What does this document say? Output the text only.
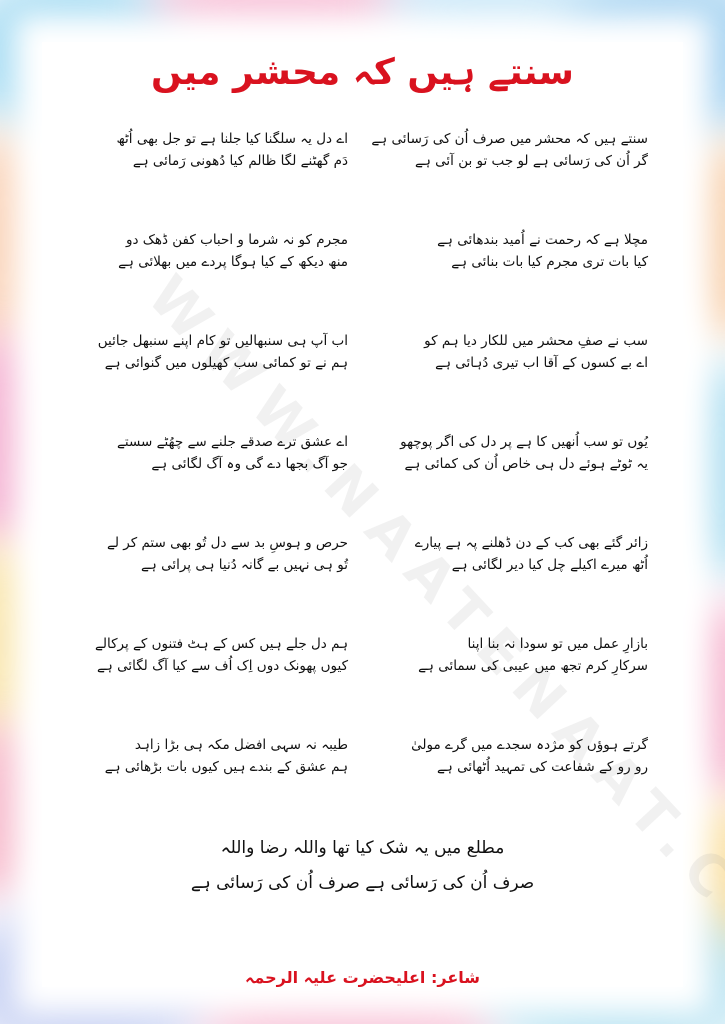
سنتے ہیں کہ محشر میں
سنتے ہیں کہ محشر میں صرف اُن کی رَسائی ہے
گر اُن کی رَسائی ہے لو جب تو بن آئی ہے
مچلا ہے کہ رحمت نے اُمید بندھائی ہے
کیا بات تری مجرم کیا بات بنائی ہے
سب نے صفِ محشر میں للکار دیا ہم کو
اے بے کسوں کے آقا اب تیری دُہائی ہے
یُوں تو سب اُنھیں کا ہے پر دل کی اگر پوچھو
یہ ٹوٹے ہوئے دل ہی خاص اُن کی کمائی ہے
زائر گئے بھی کب کے دن ڈھلنے پہ ہے پیارے
اُٹھ میرے اکیلے چل کیا دیر لگائی ہے
بازارِ عمل میں تو سودا نہ بنا اپنا
سرکارِ کرم تجھ میں عیبی کی سمائی ہے
گرتے ہوؤں کو مژدہ سجدے میں گرے مولیٰ
رو رو کے شفاعت کی تمہید اُٹھائی ہے
اے دل یہ سلگنا کیا جلنا ہے تو جل بھی اُٹھ
دَم گھٹنے لگا ظالم کیا دُھونی رَمائی ہے
مجرم کو نہ شرما و احباب کفن ڈھک دو
منھ دیکھ کے کیا ہوگا پردے میں بھلائی ہے
اب آپ ہی سنبھالیں تو کام اپنے سنبھل جائیں
ہم نے تو کمائی سب کھیلوں میں گنوائی ہے
اے عشق ترے صدقے جلنے سے چھُٹے سستے
جو آگ بجھا دے گی وہ آگ لگائی ہے
حرص و ہوسِ بد سے دل تُو بھی ستم کر لے
تُو ہی نہیں بے گانہ دُنیا ہی پرائی ہے
ہم دل جلے ہیں کس کے ہٹ فتنوں کے پرکالے
کیوں پھونک دوں اِک اُف سے کیا آگ لگائی ہے
طیبہ نہ سہی افضل مکہ ہی بڑا زاہد
ہم عشق کے بندے ہیں کیوں بات بڑھائی ہے
مطلع میں یہ شک کیا تھا واللہ رضا واللہ
صرف اُن کی رَسائی ہے صرف اُن کی رَسائی ہے
شاعر: اعلیحضرت علیہ الرحمہ
